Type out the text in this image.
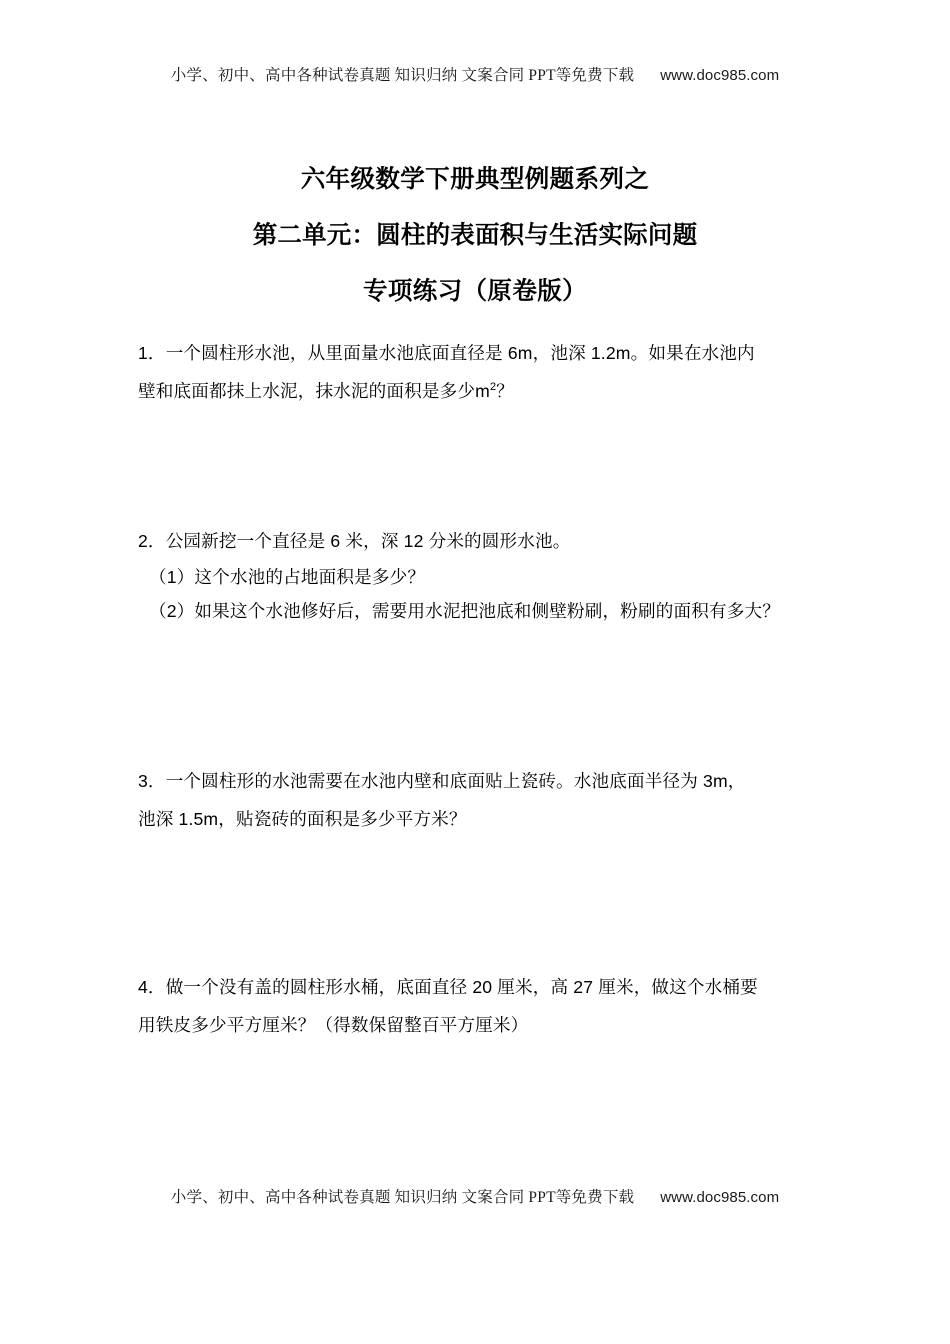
小学、初中、高中各种试卷真题 知识归纳 文案合同 PPT等免费下载 www.doc985.com
六年级数学下册典型例题系列之
第二单元：圆柱的表面积与生活实际问题
专项练习（原卷版）
1．一个圆柱形水池，从里面量水池底面直径是 6m，池深 1.2m。如果在水池内
壁和底面都抹上水泥，抹水泥的面积是多少$m^2$？
2．公园新挖一个直径是 6 米，深 12 分米的圆形水池。
（1）这个水池的占地面积是多少？
（2）如果这个水池修好后，需要用水泥把池底和侧壁粉刷，粉刷的面积有多大？
3．一个圆柱形的水池需要在水池内壁和底面贴上瓷砖。水池底面半径为 3m，
池深 1.5m，贴瓷砖的面积是多少平方米？
4．做一个没有盖的圆柱形水桶，底面直径 20 厘米，高 27 厘米，做这个水桶要
用铁皮多少平方厘米？（得数保留整百平方厘米）
小学、初中、高中各种试卷真题 知识归纳 文案合同 PPT等免费下载 www.doc985.com
